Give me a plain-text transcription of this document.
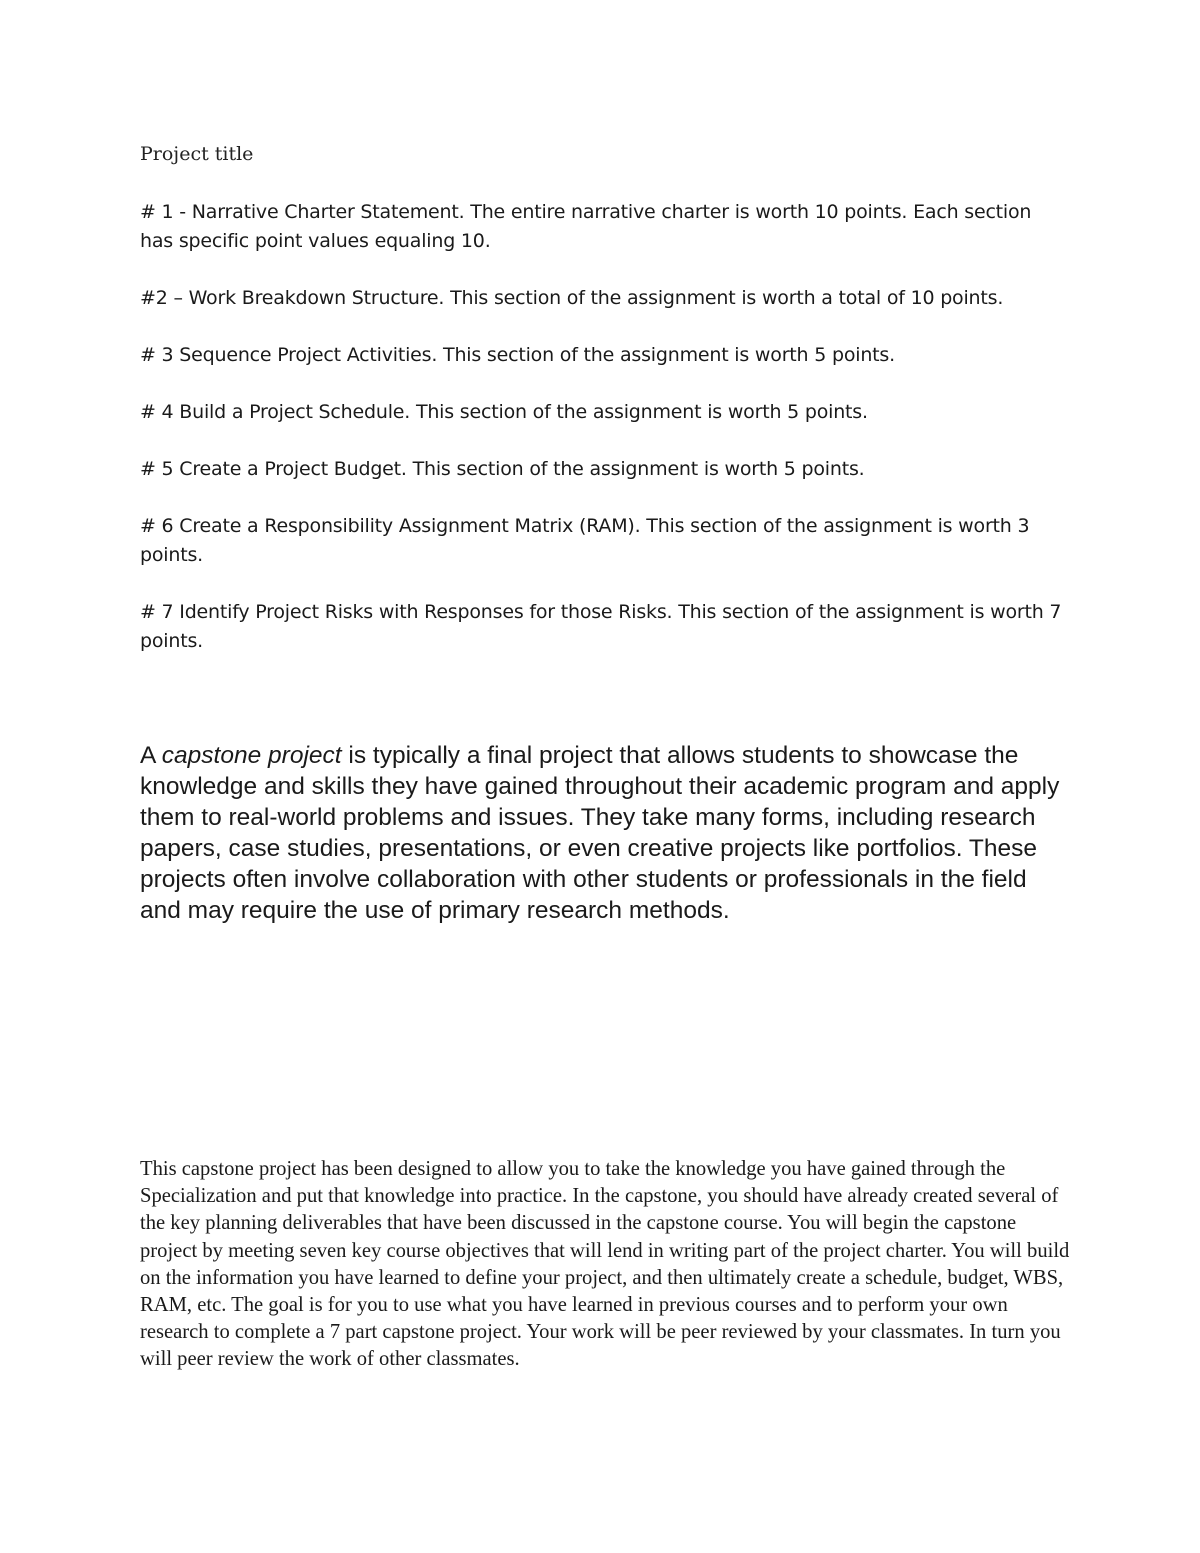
Project title
# 1 - Narrative Charter Statement. The entire narrative charter is worth 10 points. Each section has specific point values equaling 10.
#2 – Work Breakdown Structure. This section of the assignment is worth a total of 10 points.
# 3 Sequence Project Activities. This section of the assignment is worth 5 points.
# 4 Build a Project Schedule. This section of the assignment is worth 5 points.
# 5 Create a Project Budget. This section of the assignment is worth 5 points.
# 6 Create a Responsibility Assignment Matrix (RAM). This section of the assignment is worth 3 points.
# 7 Identify Project Risks with Responses for those Risks. This section of the assignment is worth 7 points.

A capstone project is typically a final project that allows students to showcase the knowledge and skills they have gained throughout their academic program and apply them to real-world problems and issues. They take many forms, including research papers, case studies, presentations, or even creative projects like portfolios. These projects often involve collaboration with other students or professionals in the field and may require the use of primary research methods.

This capstone project has been designed to allow you to take the knowledge you have gained through the Specialization and put that knowledge into practice. In the capstone, you should have already created several of the key planning deliverables that have been discussed in the capstone course. You will begin the capstone project by meeting seven key course objectives that will lend in writing part of the project charter. You will build on the information you have learned to define your project, and then ultimately create a schedule, budget, WBS, RAM, etc. The goal is for you to use what you have learned in previous courses and to perform your own research to complete a 7 part capstone project. Your work will be peer reviewed by your classmates. In turn you will peer review the work of other classmates.
